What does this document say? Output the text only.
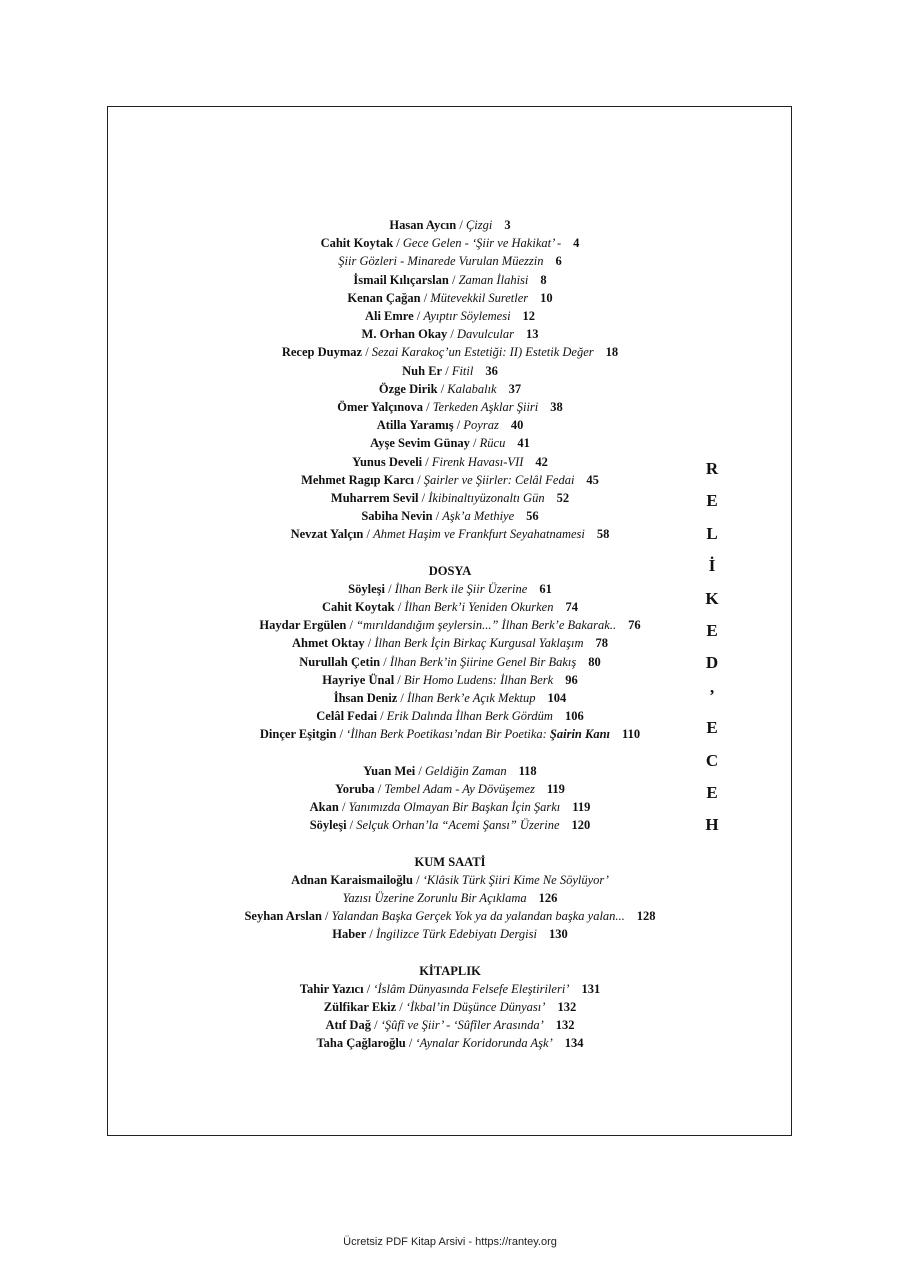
Hasan Aycın / Çizgi 3
Cahit Koytak / Gece Gelen - ‘Şiir ve Hakikat’ - 4
Şiir Gözleri - Minarede Vurulan Müezzin 6
İsmail Kılıçarslan / Zaman İlahisi 8
Kenan Çağan / Mütevekkil Suretler 10
Ali Emre / Ayıptır Söylemesi 12
M. Orhan Okay / Davulcular 13
Recep Duymaz / Sezai Karakoç’un Estetiği: II) Estetik Değer 18
Nuh Er / Fitil 36
Özge Dirik / Kalabalık 37
Ömer Yalçınova / Terkeden Aşklar Şiiri 38
Atilla Yaramış / Poyraz 40
Ayşe Sevim Günay / Rücu 41
Yunus Develi / Firenk Havası-VII 42
Mehmet Ragıp Karcı / Şairler ve Şiirler: Celâl Fedai 45
Muharrem Sevil / İkibinaltıyüzonaltı Gün 52
Sabiha Nevin / Aşk’a Methiye 56
Nevzat Yalçın / Ahmet Haşim ve Frankfurt Seyahatnamesi 58
DOSYA
Söyleşi / İlhan Berk ile Şiir Üzerine 61
Cahit Koytak / İlhan Berk’i Yeniden Okurken 74
Haydar Ergülen / “mırıldandığım şeylersin...” İlhan Berk’e Bakarak.. 76
Ahmet Oktay / İlhan Berk İçin Birkaç Kurgusal Yaklaşım 78
Nurullah Çetin / İlhan Berk’in Şiirine Genel Bir Bakış 80
Hayriye Ünal / Bir Homo Ludens: İlhan Berk 96
İhsan Deniz / İlhan Berk’e Açık Mektup 104
Celâl Fedai / Erik Dalında İlhan Berk Gördüm 106
Dinçer Eşitgin / ‘İlhan Berk Poetikası’ndan Bir Poetika: Şairin Kanı 110
Yuan Mei / Geldiğin Zaman 118
Yoruba / Tembel Adam - Ay Dövüşemez 119
Akan / Yanımızda Olmayan Bir Başkan İçin Şarkı 119
Söyleşi / Selçuk Orhan’la “Acemi Şansı” Üzerine 120
KUM SAATİ
Adnan Karaismailoğlu / ‘Klâsik Türk Şiiri Kime Ne Söylüyor’
Yazısı Üzerine Zorunlu Bir Açıklama 126
Seyhan Arslan / Yalandan Başka Gerçek Yok ya da yalandan başka yalan... 128
Haber / İngilizce Türk Edebiyatı Dergisi 130
KİTAPLIK
Tahir Yazıcı / ‘İslâm Dünyasında Felsefe Eleştirileri’ 131
Zülfikar Ekiz / ‘İkbal’in Düşünce Dünyası’ 132
Atıf Dağ / ‘Şûfî ve Şiir’ - ‘Sûfîler Arasında’ 132
Taha Çağlaroğlu / ‘Aynalar Koridorunda Aşk’ 134
R
E
L
İ
K
E
D
’
E
C
E
H
Ücretsiz PDF Kitap Arsivi - https://rantey.org
